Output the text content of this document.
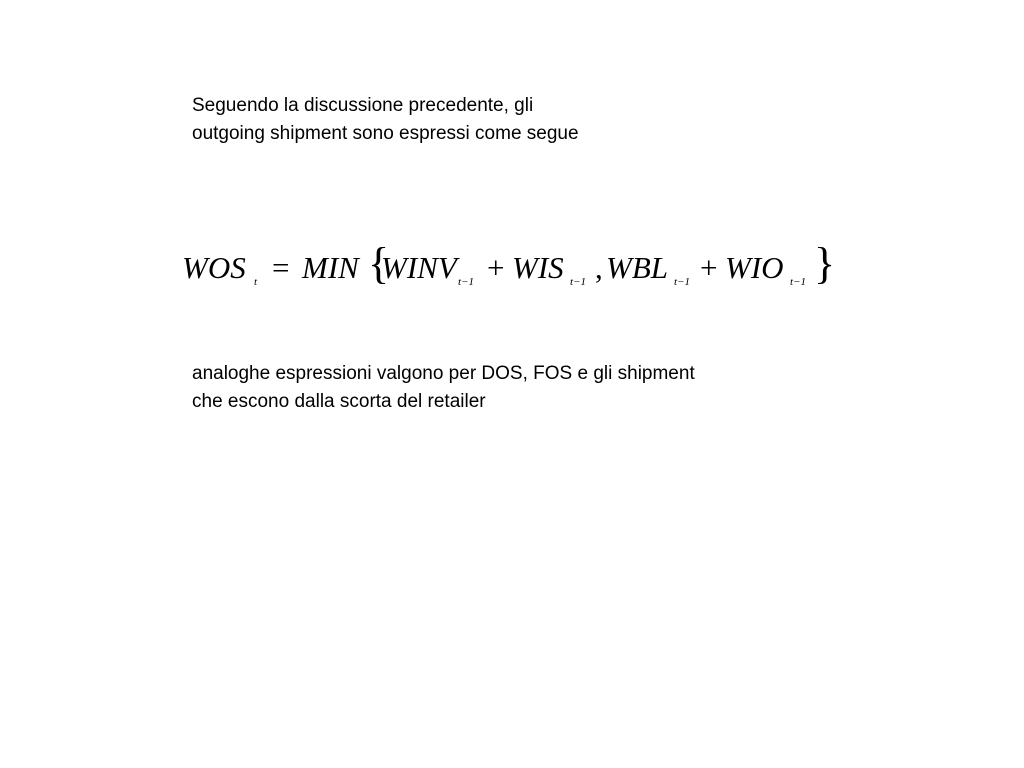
Seguendo la discussione precedente, gli
outgoing shipment sono espressi come segue
WOS t = MIN {
WINV t−1 + WIS t−1 , WBL t−1 + WIO t−1 }
analoghe espressioni valgono per DOS, FOS e gli shipment
che escono dalla scorta del retailer
